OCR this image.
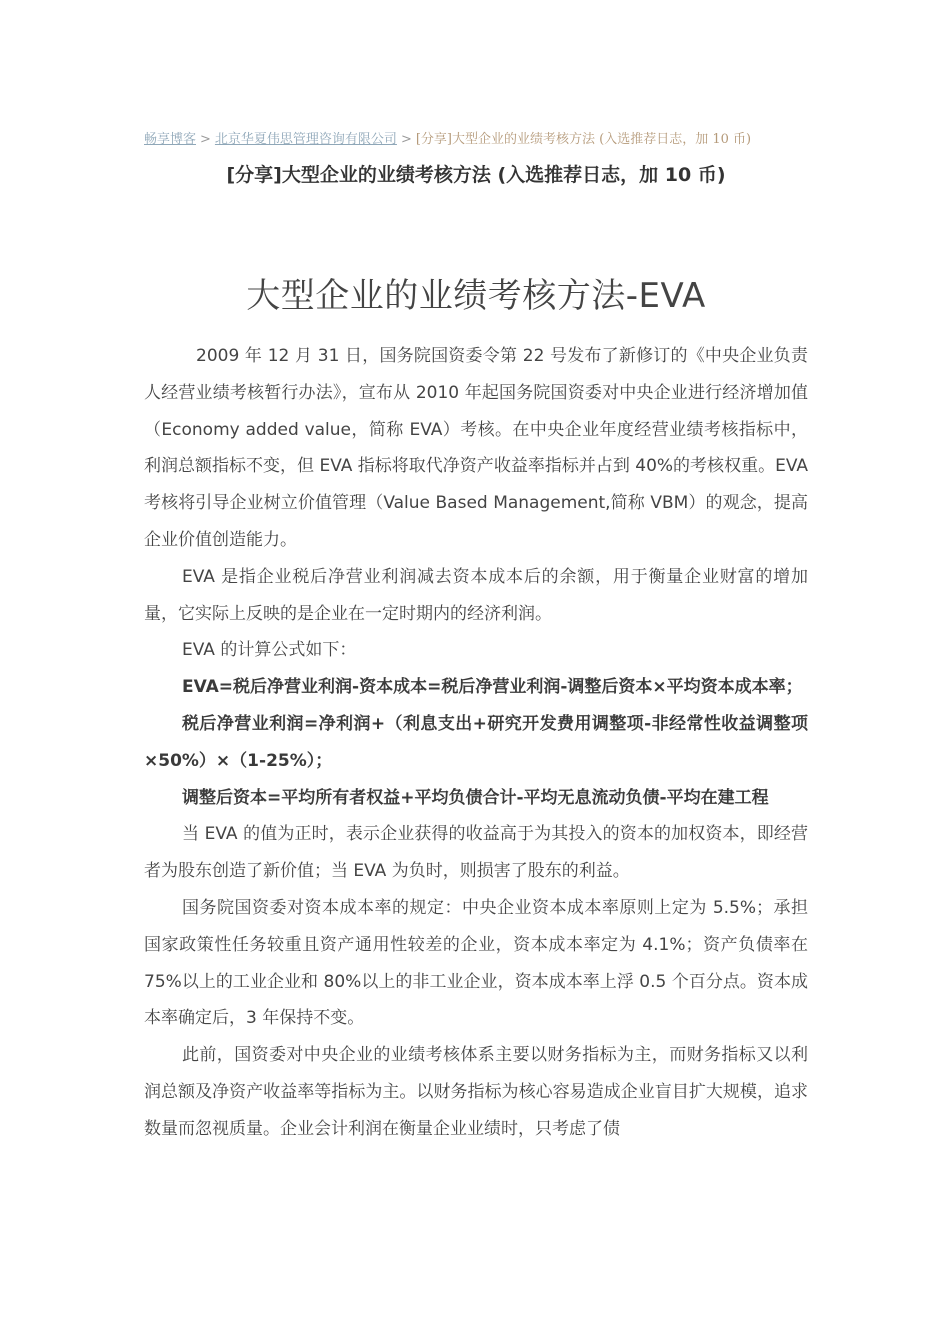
畅享博客 > 北京华夏伟思管理咨询有限公司 > [分享]大型企业的业绩考核方法 (入选推荐日志，加 10 币)
[分享]大型企业的业绩考核方法 (入选推荐日志，加 10 币)
大型企业的业绩考核方法-EVA

2009 年 12 月 31 日，国务院国资委令第 22 号发布了新修订的《中央企业负责人经营业绩考核暂行办法》，宣布从 2010 年起国务院国资委对中央企业进行经济增加值（Economy added value，简称 EVA）考核。在中央企业年度经营业绩考核指标中，利润总额指标不变，但 EVA 指标将取代净资产收益率指标并占到 40%的考核权重。EVA 考核将引导企业树立价值管理（Value Based Management,简称 VBM）的观念，提高企业价值创造能力。

EVA 是指企业税后净营业利润减去资本成本后的余额，用于衡量企业财富的增加量，它实际上反映的是企业在一定时期内的经济利润。

EVA 的计算公式如下：

EVA=税后净营业利润-资本成本=税后净营业利润-调整后资本×平均资本成本率；

税后净营业利润=净利润+（利息支出+研究开发费用调整项-非经常性收益调整项×50%）×（1-25%）；

调整后资本=平均所有者权益+平均负债合计-平均无息流动负债-平均在建工程

当 EVA 的值为正时，表示企业获得的收益高于为其投入的资本的加权资本，即经营者为股东创造了新价值；当 EVA 为负时，则损害了股东的利益。

国务院国资委对资本成本率的规定：中央企业资本成本率原则上定为 5.5%；承担国家政策性任务较重且资产通用性较差的企业，资本成本率定为 4.1%；资产负债率在 75%以上的工业企业和 80%以上的非工业企业，资本成本率上浮 0.5 个百分点。资本成本率确定后，3 年保持不变。

此前，国资委对中央企业的业绩考核体系主要以财务指标为主，而财务指标又以利润总额及净资产收益率等指标为主。以财务指标为核心容易造成企业盲目扩大规模，追求数量而忽视质量。企业会计利润在衡量企业业绩时，只考虑了债
